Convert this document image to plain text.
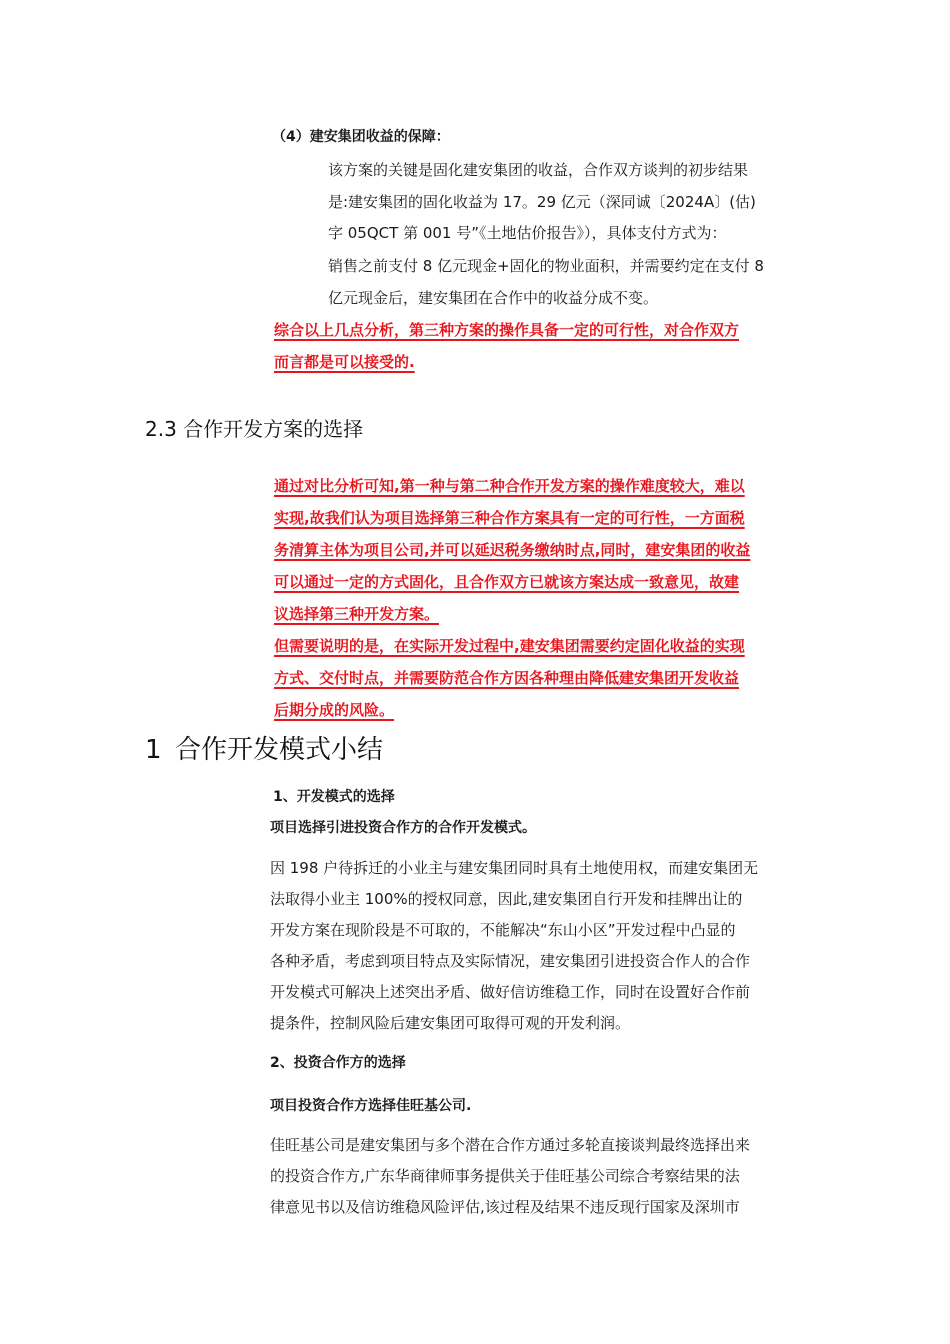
（4）建安集团收益的保障：
该方案的关键是固化建安集团的收益，合作双方谈判的初步结果
是:建安集团的固化收益为 17。29 亿元（深同诚〔2024A〕(估)
字 05QCT 第 001 号”《土地估价报告》），具体支付方式为：
销售之前支付 8 亿元现金+固化的物业面积，并需要约定在支付 8
亿元现金后，建安集团在合作中的收益分成不变。
综合以上几点分析，第三种方案的操作具备一定的可行性，对合作双方
而言都是可以接受的.
2.3 合作开发方案的选择
通过对比分析可知,第一种与第二种合作开发方案的操作难度较大，难以
实现,故我们认为项目选择第三种合作方案具有一定的可行性，一方面税
务清算主体为项目公司,并可以延迟税务缴纳时点,同时，建安集团的收益
可以通过一定的方式固化，且合作双方已就该方案达成一致意见，故建
议选择第三种开发方案。
但需要说明的是，在实际开发过程中,建安集团需要约定固化收益的实现
方式、交付时点，并需要防范合作方因各种理由降低建安集团开发收益
后期分成的风险。
1 合作开发模式小结
1、开发模式的选择
项目选择引进投资合作方的合作开发模式。
因 198 户待拆迁的小业主与建安集团同时具有土地使用权，而建安集团无
法取得小业主 100%的授权同意，因此,建安集团自行开发和挂牌出让的
开发方案在现阶段是不可取的，不能解决“东山小区”开发过程中凸显的
各种矛盾，考虑到项目特点及实际情况，建安集团引进投资合作人的合作
开发模式可解决上述突出矛盾、做好信访维稳工作，同时在设置好合作前
提条件，控制风险后建安集团可取得可观的开发利润。
2、投资合作方的选择
项目投资合作方选择佳旺基公司.
佳旺基公司是建安集团与多个潜在合作方通过多轮直接谈判最终选择出来
的投资合作方,广东华商律师事务提供关于佳旺基公司综合考察结果的法
律意见书以及信访维稳风险评估,该过程及结果不违反现行国家及深圳市
